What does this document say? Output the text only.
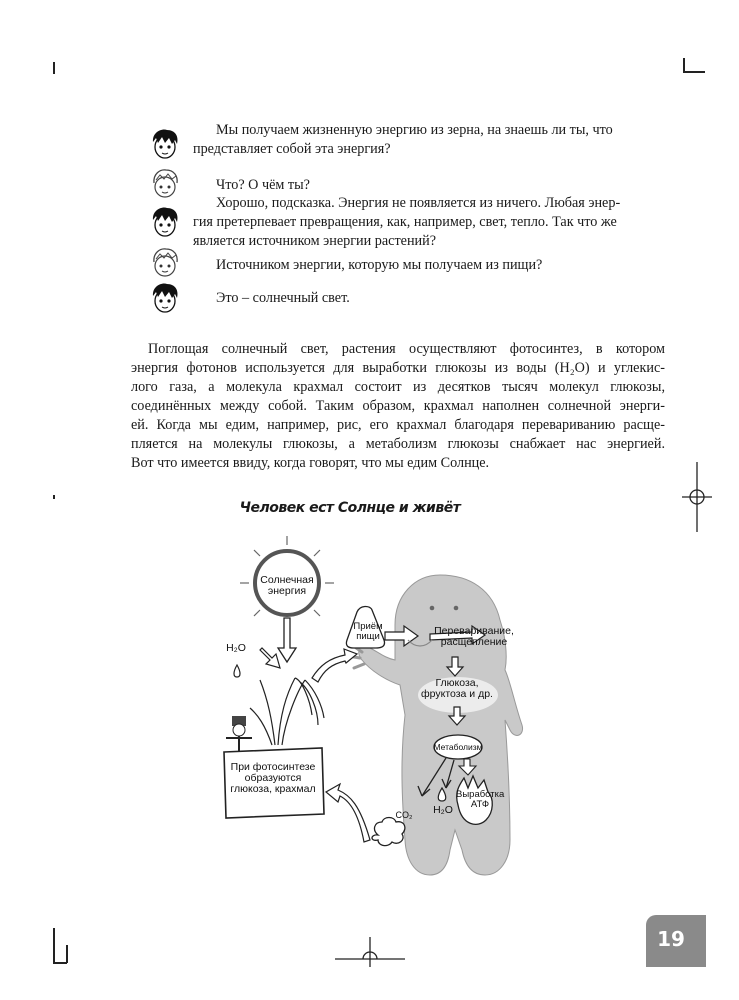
Мы получаем жизненную энергию из зерна, на знаешь ли ты, что
представляет собой эта энергия?
Что? О чём ты?
Хорошо, подсказка. Энергия не появляется из ничего. Любая энер-
гия претерпевает превращения, как, например, свет, тепло. Так что же
является источником энергии растений?
Источником энергии, которую мы получаем из пищи?
Это – солнечный свет.
Поглощая солнечный свет, растения осуществляют фотосинтез, в котором
энергия фотонов используется для выработки глюкозы из воды (H₂O) и углекис-
лого газа, а молекула крахмал состоит из десятков тысяч молекул глюкозы,
соединённых между собой. Таким образом, крахмал наполнен солнечной энерги-
ей. Когда мы едим, например, рис, его крахмал благодаря перевариванию расще-
пляется на молекулы глюкозы, а метаболизм глюкозы снабжает нас энергией.
Вот что имеется ввиду, когда говорят, что мы едим Солнце.
Человек ест Солнце и живёт
Солнечная
энергия
H₂O
При фотосинтезе
образуются
глюкоза, крахмал
Приём
пищи	Переваривание,
расщепление
Глюкоза,
фруктоза и др.
Метаболизм
Выработка
АТФ
H₂O
CO₂
19
